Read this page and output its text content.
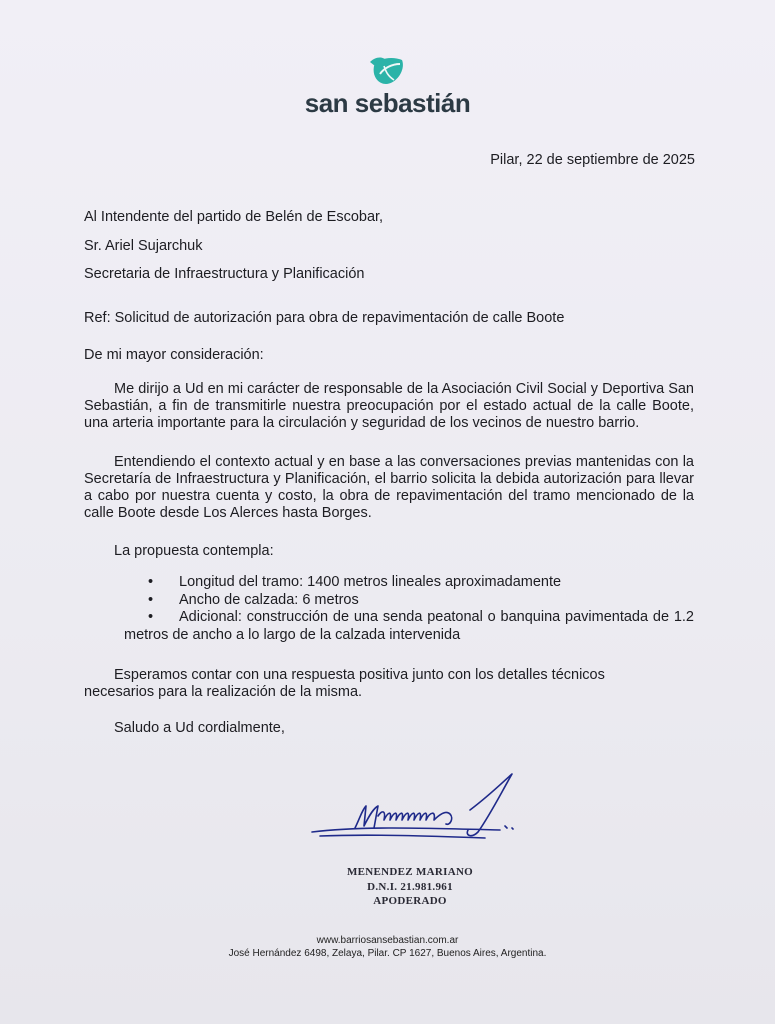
san sebastián
Pilar, 22 de septiembre de 2025
Al Intendente del partido de Belén de Escobar,
Sr. Ariel Sujarchuk
Secretaria de Infraestructura y Planificación
Ref: Solicitud de autorización para obra de repavimentación de calle Boote
De mi mayor consideración:
Me dirijo a Ud en mi carácter de responsable de la Asociación Civil Social y Deportiva San Sebastián, a fin de transmitirle nuestra preocupación por el estado actual de la calle Boote, una arteria importante para la circulación y seguridad de los vecinos de nuestro barrio.
Entendiendo el contexto actual y en base a las conversaciones previas mantenidas con la Secretaría de Infraestructura y Planificación, el barrio solicita la debida autorización para llevar a cabo por nuestra cuenta y costo, la obra de repavimentación del tramo mencionado de la calle Boote desde Los Alerces hasta Borges.
La propuesta contempla:
• Longitud del tramo: 1400 metros lineales aproximadamente
• Ancho de calzada: 6 metros
• Adicional: construcción de una senda peatonal o banquina pavimentada de 1.2
metros de ancho a lo largo de la calzada intervenida
Esperamos contar con una respuesta positiva junto con los detalles técnicos necesarios para la realización de la misma.
Saludo a Ud cordialmente,
MENENDEZ MARIANO
D.N.I. 21.981.961
APODERADO
www.barriosansebastian.com.ar
José Hernández 6498, Zelaya, Pilar. CP 1627, Buenos Aires, Argentina.
